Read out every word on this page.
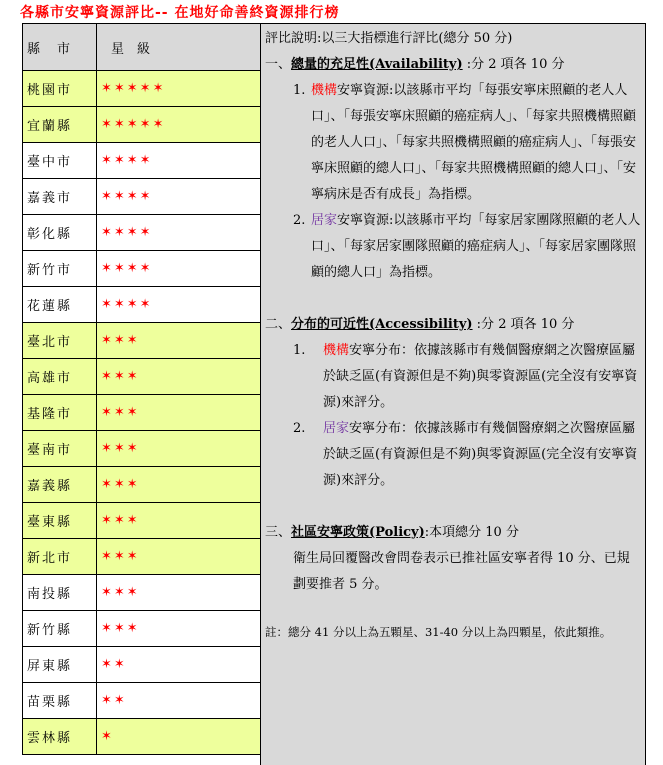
各縣市安寧資源評比-- 在地好命善終資源排行榜
縣　市	星　級
桃園市	✶✶✶✶✶
宜蘭縣	✶✶✶✶✶
臺中市	✶✶✶✶
嘉義市	✶✶✶✶
彰化縣	✶✶✶✶
新竹市	✶✶✶✶
花蓮縣	✶✶✶✶
臺北市	✶✶✶
高雄市	✶✶✶
基隆市	✶✶✶
臺南市	✶✶✶
嘉義縣	✶✶✶
臺東縣	✶✶✶
新北市	✶✶✶
南投縣	✶✶✶
新竹縣	✶✶✶
屏東縣	✶✶
苗栗縣	✶✶
雲林縣	✶

評比說明:以三大指標進行評比(總分 50 分)

一、總量的充足性(Availability) :分 2 項各 10 分

1. 機構安寧資源:以該縣市平均「每張安寧床照顧的老人人口」、「每張安寧床照顧的癌症病人」、「每家共照機構照顧的老人人口」、「每家共照機構照顧的癌症病人」、「每張安寧床照顧的總人口」、「每家共照機構照顧的總人口」、「安寧病床是否有成長」為指標。

2. 居家安寧資源:以該縣市平均「每家居家團隊照顧的老人人口」、「每家居家團隊照顧的癌症病人」、「每家居家團隊照顧的總人口」為指標。

二、分布的可近性(Accessibility) :分 2 項各 10 分

1. 機構安寧分布：依據該縣市有幾個醫療網之次醫療區屬於缺乏區(有資源但是不夠)與零資源區(完全沒有安寧資源)來評分。

2. 居家安寧分布：依據該縣市有幾個醫療網之次醫療區屬於缺乏區(有資源但是不夠)與零資源區(完全沒有安寧資源)來評分。

三、社區安寧政策(Policy):本項總分 10 分

衛生局回覆醫改會問卷表示已推社區安寧者得 10 分、已規劃要推者 5 分。

註：總分 41 分以上為五顆星、31-40 分以上為四顆星，依此類推。
